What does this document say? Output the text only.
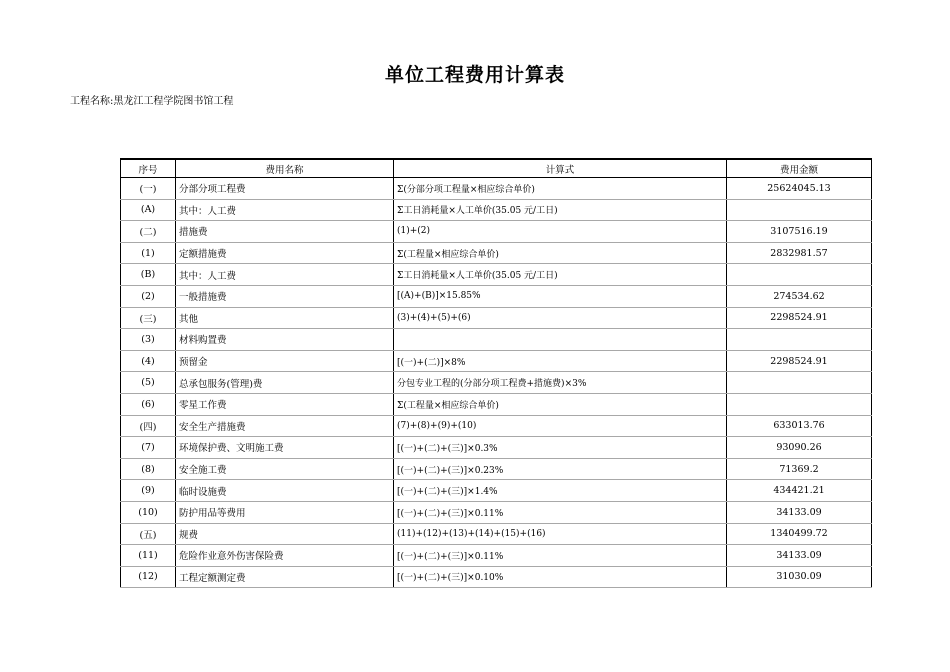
单位工程费用计算表
工程名称:黑龙江工程学院图书馆工程
序号	费用名称	计算式	费用金额
(一)	分部分项工程费	Σ(分部分项工程量×相应综合单价)	25624045.13
(A)	其中：人工费	Σ工日消耗量×人工单价(35.05 元/工日)	
(二)	措施费	(1)+(2)	3107516.19
(1)	定额措施费	Σ(工程量×相应综合单价)	2832981.57
(B)	其中：人工费	Σ工日消耗量×人工单价(35.05 元/工日)	
(2)	一般措施费	[(A)+(B)]×15.85%	274534.62
(三)	其他	(3)+(4)+(5)+(6)	2298524.91
(3)	材料购置费		
(4)	预留金	[(一)+(二)]×8%	2298524.91
(5)	总承包服务(管理)费	分包专业工程的(分部分项工程费+措施费)×3%	
(6)	零星工作费	Σ(工程量×相应综合单价)	
(四)	安全生产措施费	(7)+(8)+(9)+(10)	633013.76
(7)	环境保护费、文明施工费	[(一)+(二)+(三)]×0.3%	93090.26
(8)	安全施工费	[(一)+(二)+(三)]×0.23%	71369.2
(9)	临时设施费	[(一)+(二)+(三)]×1.4%	434421.21
(10)	防护用品等费用	[(一)+(二)+(三)]×0.11%	34133.09
(五)	规费	(11)+(12)+(13)+(14)+(15)+(16)	1340499.72
(11)	危险作业意外伤害保险费	[(一)+(二)+(三)]×0.11%	34133.09
(12)	工程定额测定费	[(一)+(二)+(三)]×0.10%	31030.09
